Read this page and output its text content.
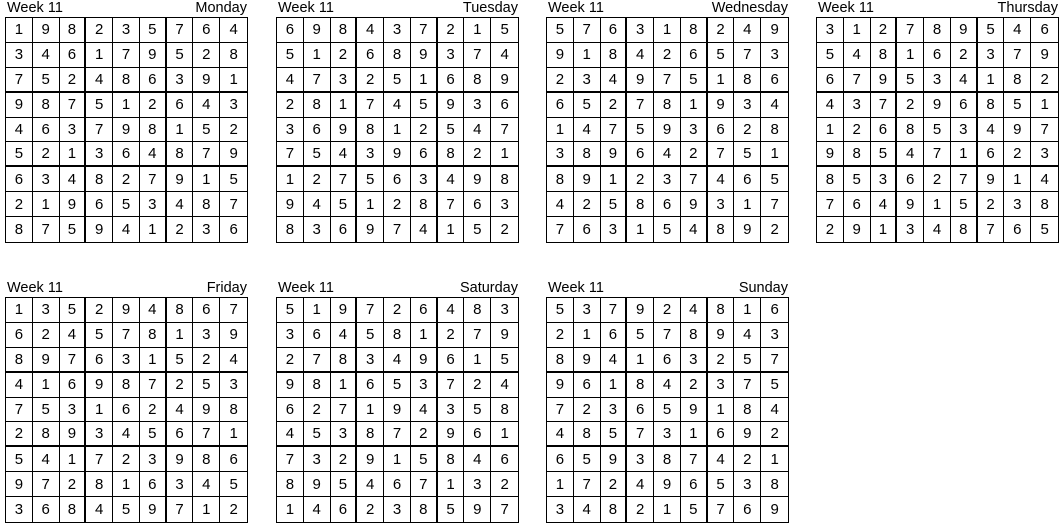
Week 11	Monday
1	9	8	2	3	5	7	6	4
3	4	6	1	7	9	5	2	8
7	5	2	4	8	6	3	9	1
9	8	7	5	1	2	6	4	3
4	6	3	7	9	8	1	5	2
5	2	1	3	6	4	8	7	9
6	3	4	8	2	7	9	1	5
2	1	9	6	5	3	4	8	7
8	7	5	9	4	1	2	3	6
Week 11	Tuesday
6	9	8	4	3	7	2	1	5
5	1	2	6	8	9	3	7	4
4	7	3	2	5	1	6	8	9
2	8	1	7	4	5	9	3	6
3	6	9	8	1	2	5	4	7
7	5	4	3	9	6	8	2	1
1	2	7	5	6	3	4	9	8
9	4	5	1	2	8	7	6	3
8	3	6	9	7	4	1	5	2
Week 11	Wednesday
5	7	6	3	1	8	2	4	9
9	1	8	4	2	6	5	7	3
2	3	4	9	7	5	1	8	6
6	5	2	7	8	1	9	3	4
1	4	7	5	9	3	6	2	8
3	8	9	6	4	2	7	5	1
8	9	1	2	3	7	4	6	5
4	2	5	8	6	9	3	1	7
7	6	3	1	5	4	8	9	2
Week 11	Thursday
3	1	2	7	8	9	5	4	6
5	4	8	1	6	2	3	7	9
6	7	9	5	3	4	1	8	2
4	3	7	2	9	6	8	5	1
1	2	6	8	5	3	4	9	7
9	8	5	4	7	1	6	2	3
8	5	3	6	2	7	9	1	4
7	6	4	9	1	5	2	3	8
2	9	1	3	4	8	7	6	5
Week 11	Friday
1	3	5	2	9	4	8	6	7
6	2	4	5	7	8	1	3	9
8	9	7	6	3	1	5	2	4
4	1	6	9	8	7	2	5	3
7	5	3	1	6	2	4	9	8
2	8	9	3	4	5	6	7	1
5	4	1	7	2	3	9	8	6
9	7	2	8	1	6	3	4	5
3	6	8	4	5	9	7	1	2
Week 11	Saturday
5	1	9	7	2	6	4	8	3
3	6	4	5	8	1	2	7	9
2	7	8	3	4	9	6	1	5
9	8	1	6	5	3	7	2	4
6	2	7	1	9	4	3	5	8
4	5	3	8	7	2	9	6	1
7	3	2	9	1	5	8	4	6
8	9	5	4	6	7	1	3	2
1	4	6	2	3	8	5	9	7
Week 11	Sunday
5	3	7	9	2	4	8	1	6
2	1	6	5	7	8	9	4	3
8	9	4	1	6	3	2	5	7
9	6	1	8	4	2	3	7	5
7	2	3	6	5	9	1	8	4
4	8	5	7	3	1	6	9	2
6	5	9	3	8	7	4	2	1
1	7	2	4	9	6	5	3	8
3	4	8	2	1	5	7	6	9
